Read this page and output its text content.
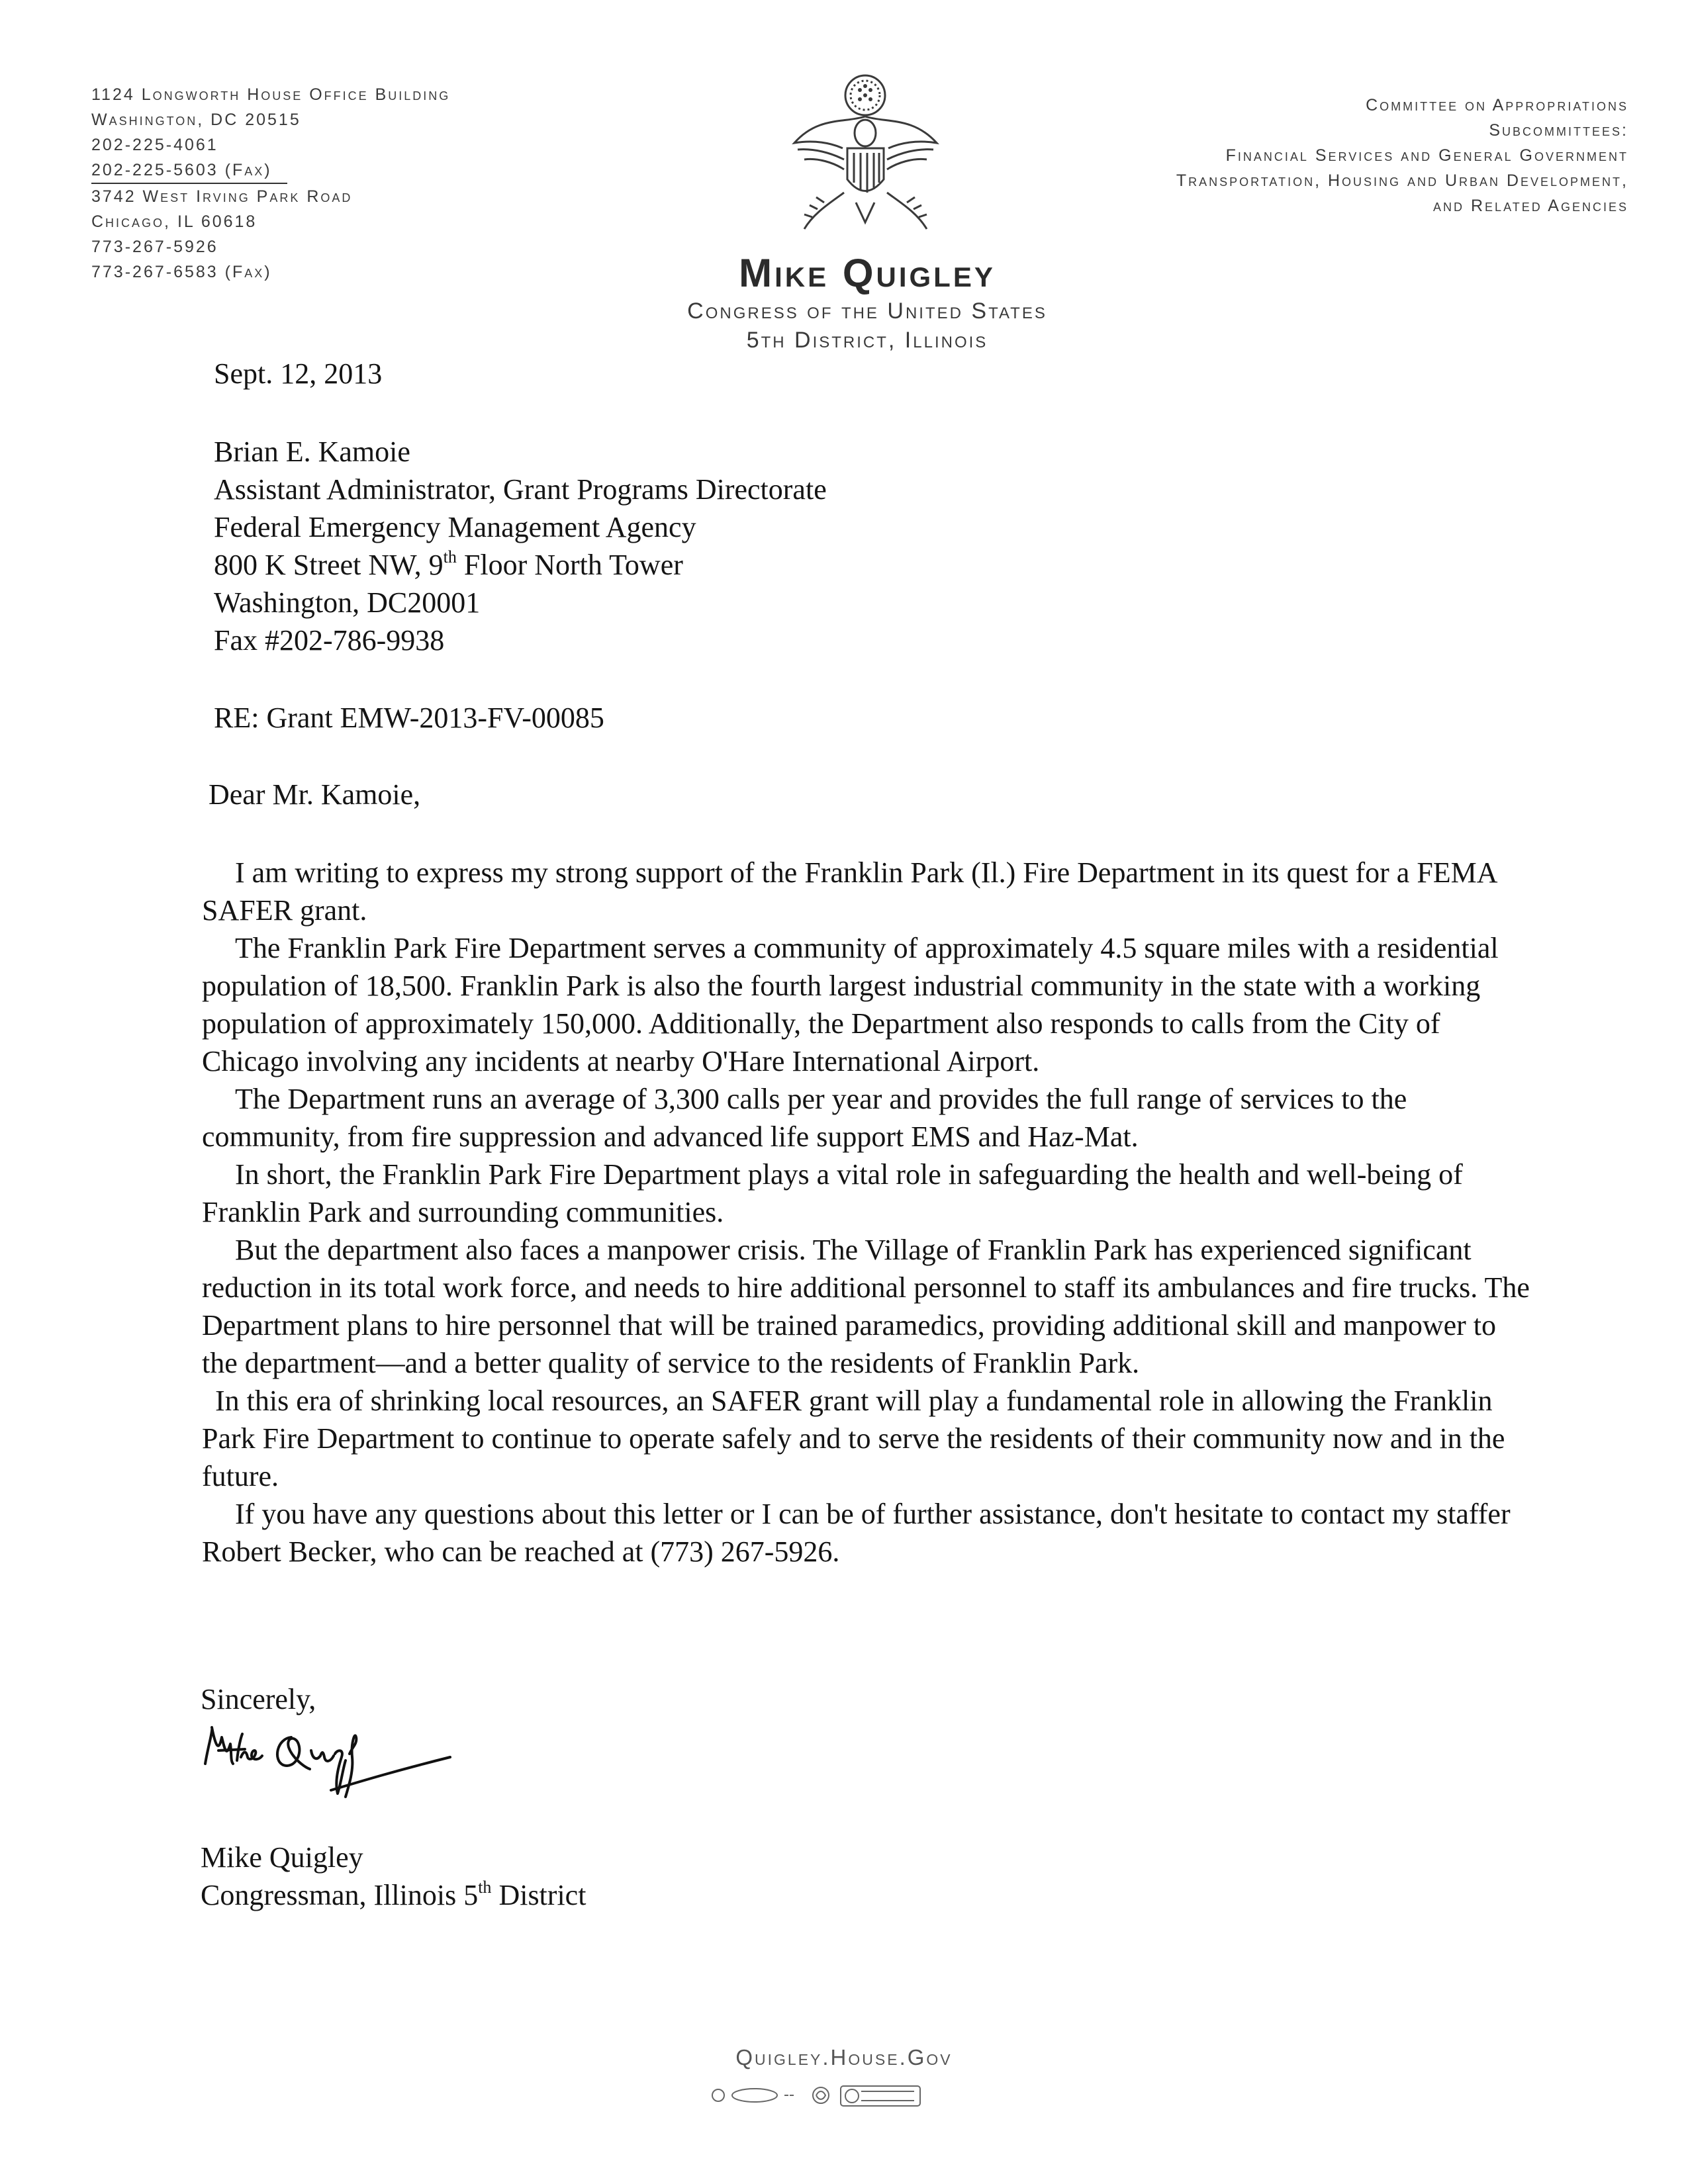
1124 Longworth House Office Building
Washington, DC 20515
202-225-4061
202-225-5603 (Fax)
3742 West Irving Park Road
Chicago, IL 60618
773-267-5926
773-267-6583 (Fax)
Committee on Appropriations
Subcommittees:
Financial Services and General Government
Transportation, Housing and Urban Development,
and Related Agencies
Mike Quigley
Congress of the United States
5th District, Illinois
Sept. 12, 2013
Brian E. Kamoie
Assistant Administrator, Grant Programs Directorate
Federal Emergency Management Agency
800 K Street NW, 9th Floor North Tower
Washington, DC20001
Fax #202-786-9938
RE: Grant EMW-2013-FV-00085
Dear Mr. Kamoie,
I am writing to express my strong support of the Franklin Park (Il.) Fire Department in its quest for a FEMA SAFER grant.
The Franklin Park Fire Department serves a community of approximately 4.5 square miles with a residential population of 18,500. Franklin Park is also the fourth largest industrial community in the state with a working population of approximately 150,000. Additionally, the Department also responds to calls from the City of Chicago involving any incidents at nearby O'Hare International Airport.
The Department runs an average of 3,300 calls per year and provides the full range of services to the community, from fire suppression and advanced life support EMS and Haz-Mat.
In short, the Franklin Park Fire Department plays a vital role in safeguarding the health and well-being of Franklin Park and surrounding communities.
But the department also faces a manpower crisis. The Village of Franklin Park has experienced significant reduction in its total work force, and needs to hire additional personnel to staff its ambulances and fire trucks. The Department plans to hire personnel that will be trained paramedics, providing additional skill and manpower to the department—and a better quality of service to the residents of Franklin Park.
In this era of shrinking local resources, an SAFER grant will play a fundamental role in allowing the Franklin Park Fire Department to continue to operate safely and to serve the residents of their community now and in the future.
If you have any questions about this letter or I can be of further assistance, don't hesitate to contact my staffer Robert Becker, who can be reached at (773) 267-5926.
Sincerely,
Mike Quigley
Congressman, Illinois 5th District
Quigley.House.Gov
